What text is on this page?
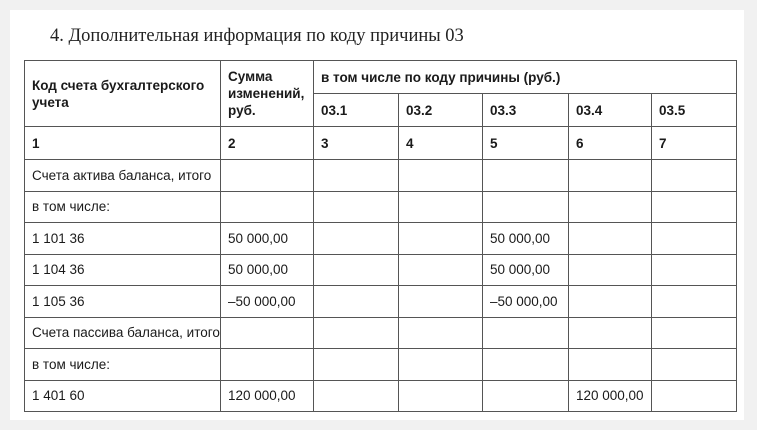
4. Дополнительная информация по коду причины 03
Код счета бухгалтерского учета	Сумма изменений, руб.	в том числе по коду причины (руб.)				
		03.1	03.2	03.3	03.4	03.5
1	2	3	4	5	6	7
Счета актива баланса, итого						
в том числе:						
1 101 36	50 000,00			50 000,00		
1 104 36	50 000,00			50 000,00		
1 105 36	–50 000,00			–50 000,00		
Счета пассива баланса, итого						
в том числе:						
1 401 60	120 000,00				120 000,00	
